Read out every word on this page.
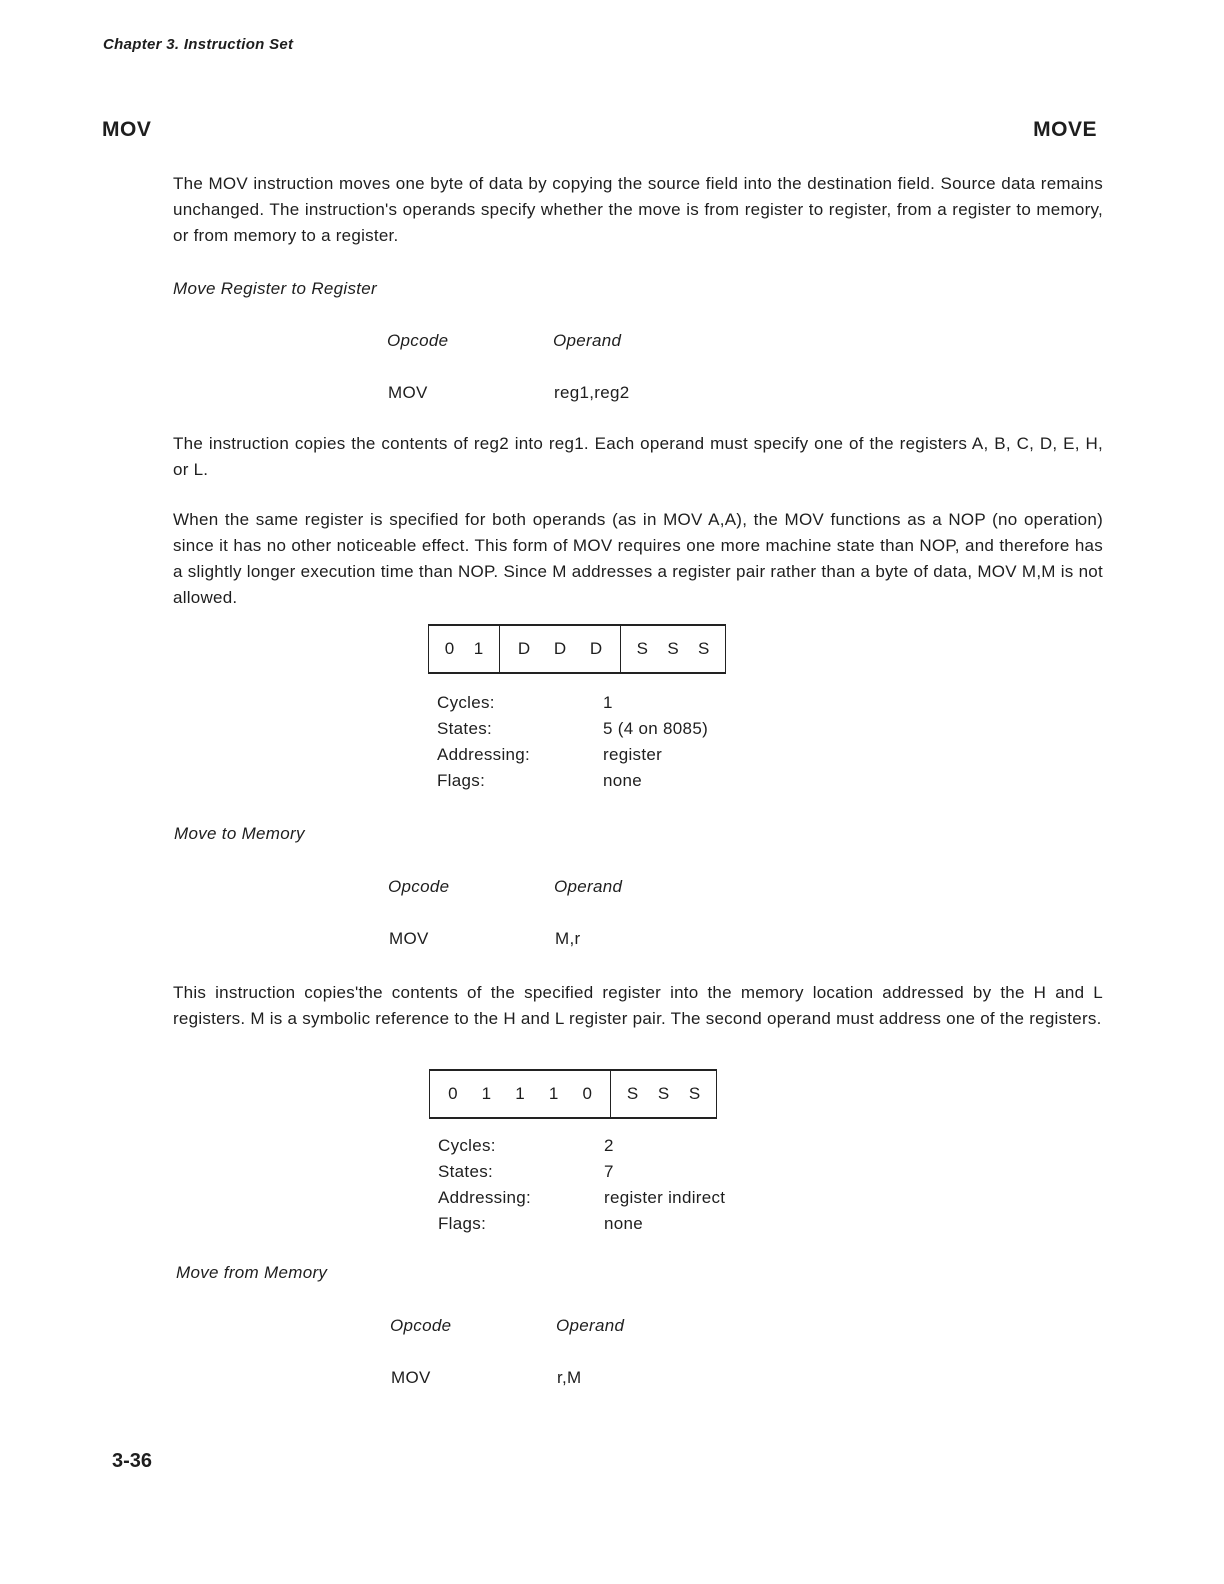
Chapter 3. Instruction Set
MOV	MOVE
The MOV instruction moves one byte of data by copying the source field into the destination field. Source data remains unchanged. The instruction's operands specify whether the move is from register to register, from a register to memory, or from memory to a register.
Move Register to Register
Opcode	Operand
MOV	reg1,reg2
The instruction copies the contents of reg2 into reg1. Each operand must specify one of the registers A, B, C, D, E, H, or L.
When the same register is specified for both operands (as in MOV A,A), the MOV functions as a NOP (no operation) since it has no other noticeable effect. This form of MOV requires one more machine state than NOP, and therefore has a slightly longer execution time than NOP. Since M addresses a register pair rather than a byte of data, MOV M,M is not allowed.
0 1 D D D S S S
Cycles:	1
States:	5 (4 on 8085)
Addressing:	register
Flags:	none
Move to Memory
Opcode	Operand
MOV	M,r
This instruction copies'the contents of the specified register into the memory location addressed by the H and L registers. M is a symbolic reference to the H and L register pair. The second operand must address one of the registers.
0 1 1 1 0 S S S
Cycles:	2
States:	7
Addressing:	register indirect
Flags:	none
Move from Memory
Opcode	Operand
MOV	r,M
3-36
